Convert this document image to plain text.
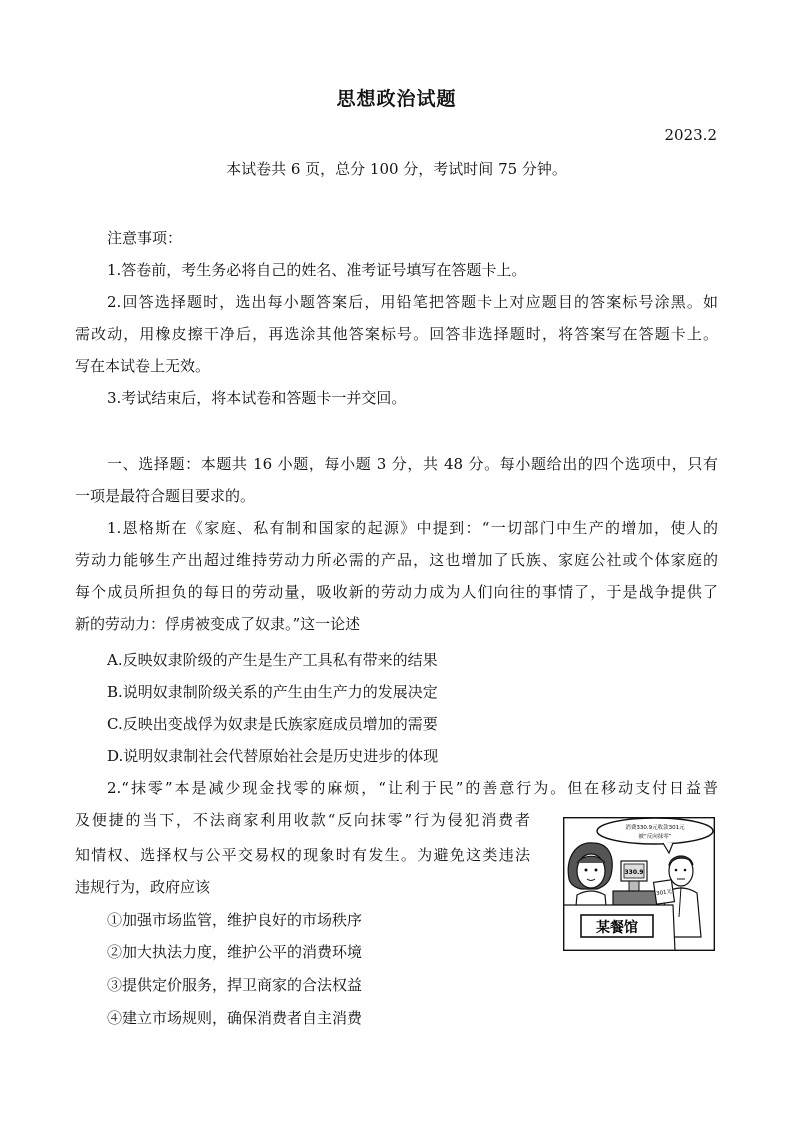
思想政治试题
2023.2
本试卷共 6 页，总分 100 分，考试时间 75 分钟。
注意事项：
1.答卷前，考生务必将自己的姓名、准考证号填写在答题卡上。
2.回答选择题时，选出每小题答案后，用铅笔把答题卡上对应题目的答案标号涂黑。如
需改动，用橡皮擦干净后，再选涂其他答案标号。回答非选择题时，将答案写在答题卡上。
写在本试卷上无效。
3.考试结束后，将本试卷和答题卡一并交回。
一、选择题：本题共 16 小题，每小题 3 分，共 48 分。每小题给出的四个选项中，只有
一项是最符合题目要求的。
1.恩格斯在《家庭、私有制和国家的起源》中提到：“一切部门中生产的增加，使人的
劳动力能够生产出超过维持劳动力所必需的产品，这也增加了氏族、家庭公社或个体家庭的
每个成员所担负的每日的劳动量，吸收新的劳动力成为人们向往的事情了，于是战争提供了
新的劳动力：俘虏被变成了奴隶。”这一论述
A.反映奴隶阶级的产生是生产工具私有带来的结果
B.说明奴隶制阶级关系的产生由生产力的发展决定
C.反映出变战俘为奴隶是氏族家庭成员增加的需要
D.说明奴隶制社会代替原始社会是历史进步的体现
2.“抹零”本是减少现金找零的麻烦，“让利于民”的善意行为。但在移动支付日益普
及便捷的当下，不法商家利用收款“反向抹零”行为侵犯消费者
知情权、选择权与公平交易权的现象时有发生。为避免这类违法
违规行为，政府应该
①加强市场监管，维护良好的市场秩序
②加大执法力度，维护公平的消费环境
③提供定价服务，捍卫商家的合法权益
④建立市场规则，确保消费者自主消费
消费330.9元收款301元
被“反向抹零”
330.9
301元
某餐馆
